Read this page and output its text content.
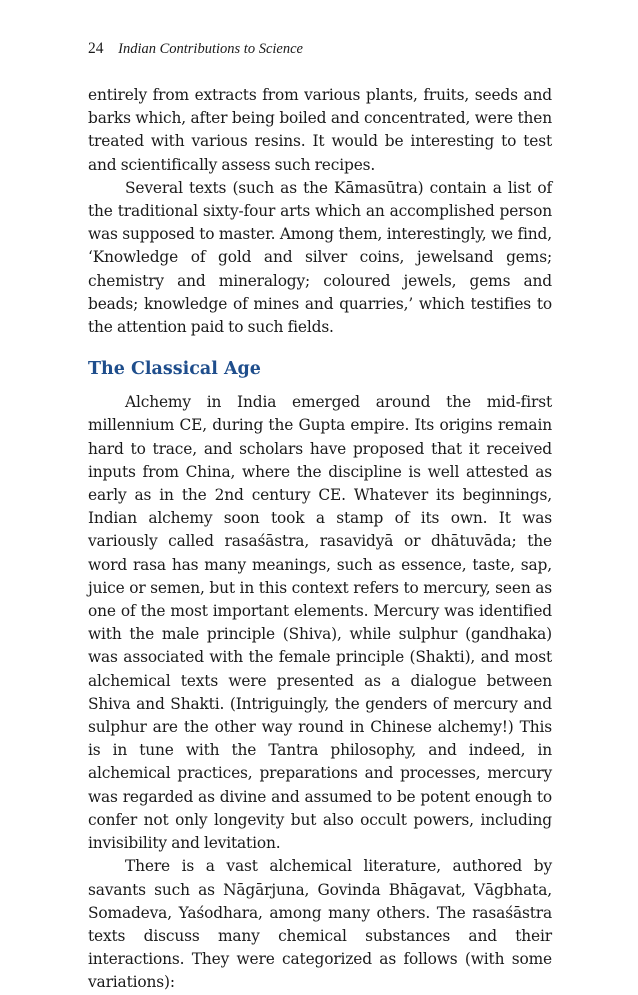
24 Indian Contributions to Science

entirely from extracts from various plants, fruits, seeds and barks which, after being boiled and concentrated, were then treated with various resins. It would be interesting to test and scientifically assess such recipes.

Several texts (such as the Kāmasūtra) contain a list of the traditional sixty-four arts which an accomplished person was supposed to master. Among them, interestingly, we find, ‘Knowledge of gold and silver coins, jewelsand gems; chemistry and mineralogy; coloured jewels, gems and beads; knowledge of mines and quarries,’ which testifies to the attention paid to such fields.

The Classical Age

Alchemy in India emerged around the mid-first millennium CE, during the Gupta empire. Its origins remain hard to trace, and scholars have proposed that it received inputs from China, where the discipline is well attested as early as in the 2nd century CE. Whatever its beginnings, Indian alchemy soon took a stamp of its own. It was variously called rasaśāstra, rasavidyā or dhātuvāda; the word rasa has many meanings, such as essence, taste, sap, juice or semen, but in this context refers to mercury, seen as one of the most important elements. Mercury was identified with the male principle (Shiva), while sulphur (gandhaka) was associated with the female principle (Shakti), and most alchemical texts were presented as a dialogue between Shiva and Shakti. (Intriguingly, the genders of mercury and sulphur are the other way round in Chinese alchemy!) This is in tune with the Tantra philosophy, and indeed, in alchemical practices, preparations and processes, mercury was regarded as divine and assumed to be potent enough to confer not only longevity but also occult powers, including invisibility and levitation.

There is a vast alchemical literature, authored by savants such as Nāgārjuna, Govinda Bhāgavat, Vāgbhata, Somadeva, Yaśodhara, among many others. The rasaśāstra texts discuss many chemical substances and their interactions. They were categorized as follows (with some variations):
